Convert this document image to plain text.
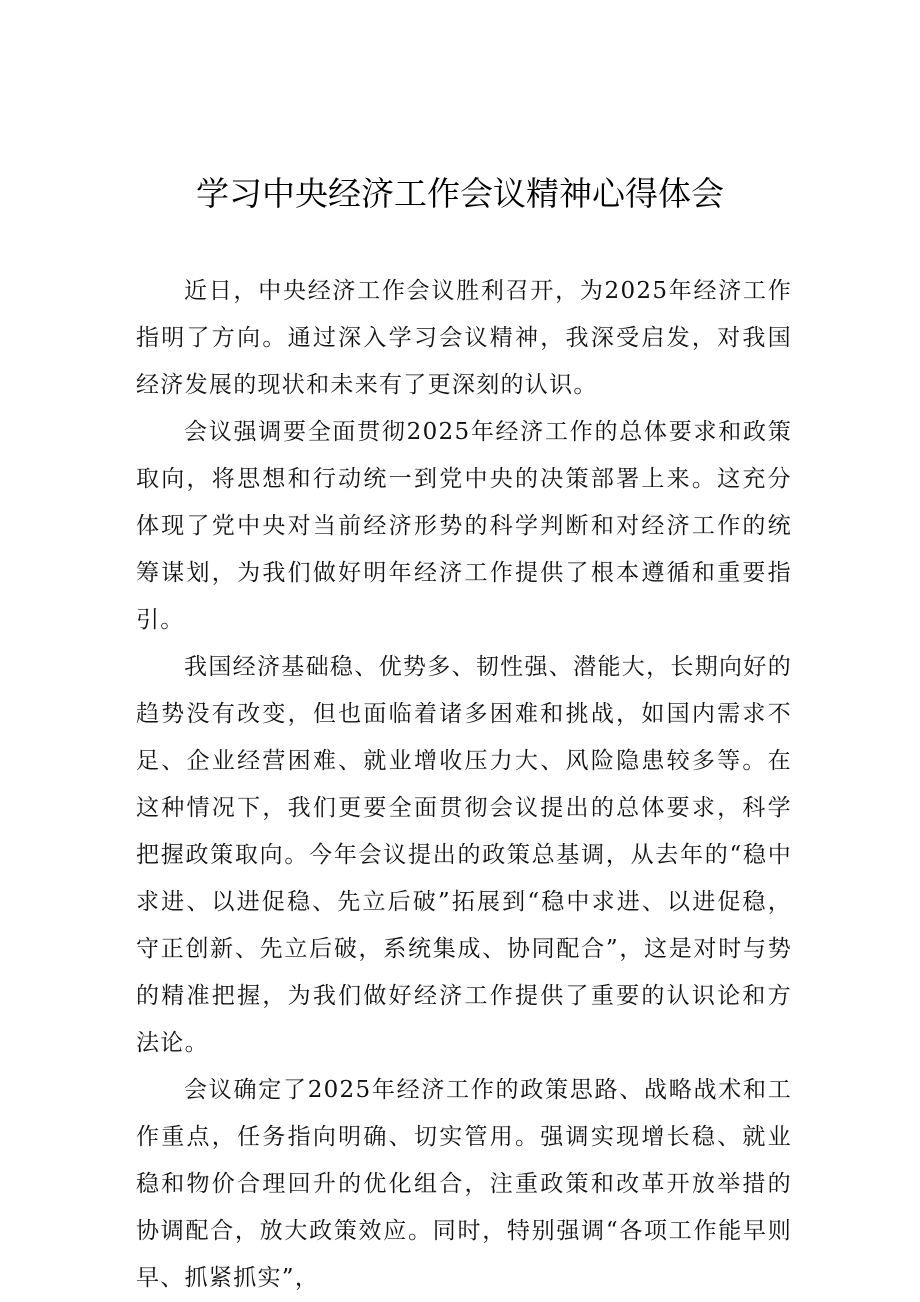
学习中央经济工作会议精神心得体会

近日，中央经济工作会议胜利召开，为2025年经济工作指明了方向。通过深入学习会议精神，我深受启发，对我国经济发展的现状和未来有了更深刻的认识。

会议强调要全面贯彻2025年经济工作的总体要求和政策取向，将思想和行动统一到党中央的决策部署上来。这充分体现了党中央对当前经济形势的科学判断和对经济工作的统筹谋划，为我们做好明年经济工作提供了根本遵循和重要指引。

我国经济基础稳、优势多、韧性强、潜能大，长期向好的趋势没有改变，但也面临着诸多困难和挑战，如国内需求不足、企业经营困难、就业增收压力大、风险隐患较多等。在这种情况下，我们更要全面贯彻会议提出的总体要求，科学把握政策取向。今年会议提出的政策总基调，从去年的“稳中求进、以进促稳、先立后破”拓展到“稳中求进、以进促稳，守正创新、先立后破，系统集成、协同配合”，这是对时与势的精准把握，为我们做好经济工作提供了重要的认识论和方法论。

会议确定了2025年经济工作的政策思路、战略战术和工作重点，任务指向明确、切实管用。强调实现增长稳、就业稳和物价合理回升的优化组合，注重政策和改革开放举措的协调配合，放大政策效应。同时，特别强调“各项工作能早则早、抓紧抓实”，
